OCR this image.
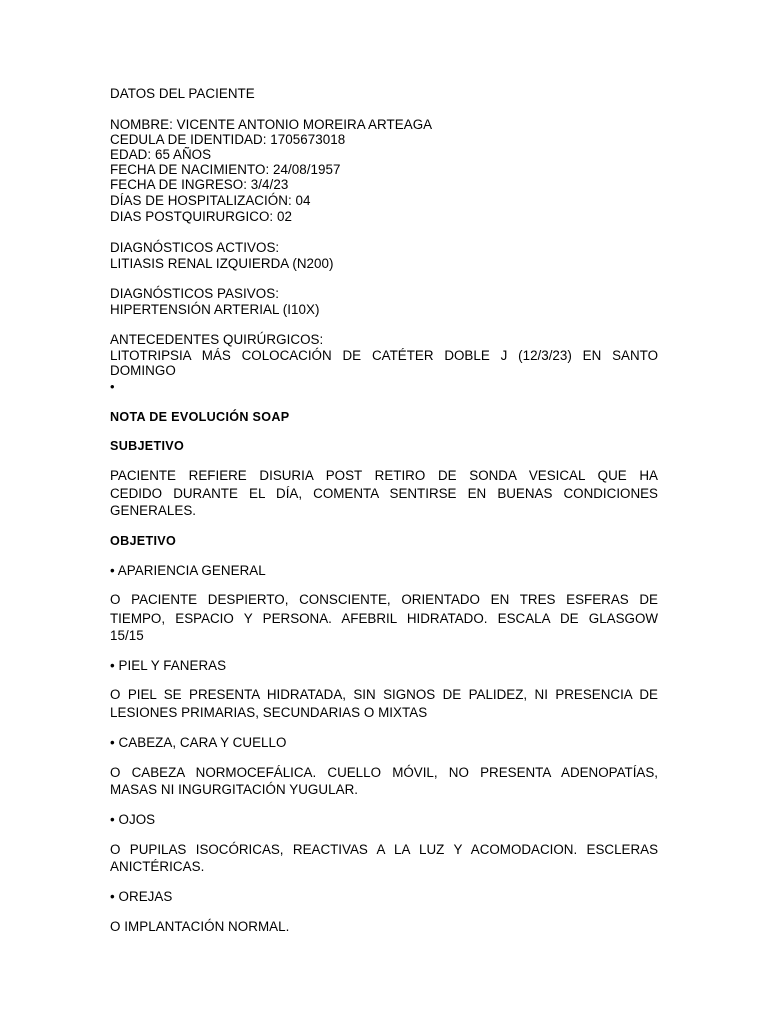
DATOS DEL PACIENTE
NOMBRE: VICENTE ANTONIO MOREIRA ARTEAGA
CEDULA DE IDENTIDAD: 1705673018
EDAD: 65 AÑOS
FECHA DE NACIMIENTO: 24/08/1957
FECHA DE INGRESO: 3/4/23
DÍAS DE HOSPITALIZACIÓN: 04
DIAS POSTQUIRURGICO: 02
DIAGNÓSTICOS ACTIVOS:
LITIASIS RENAL IZQUIERDA (N200)
DIAGNÓSTICOS PASIVOS:
HIPERTENSIÓN ARTERIAL (I10X)
ANTECEDENTES QUIRÚRGICOS:
LITOTRIPSIA MÁS COLOCACIÓN DE CATÉTER DOBLE J (12/3/23) EN SANTO
DOMINGO
•
NOTA DE EVOLUCIÓN SOAP
SUBJETIVO
PACIENTE REFIERE DISURIA POST RETIRO DE SONDA VESICAL QUE HA
CEDIDO DURANTE EL DÍA, COMENTA SENTIRSE EN BUENAS CONDICIONES
GENERALES.
OBJETIVO
• APARIENCIA GENERAL
O PACIENTE DESPIERTO, CONSCIENTE, ORIENTADO EN TRES ESFERAS DE
TIEMPO, ESPACIO Y PERSONA. AFEBRIL HIDRATADO. ESCALA DE GLASGOW
15/15
• PIEL Y FANERAS
O PIEL SE PRESENTA HIDRATADA, SIN SIGNOS DE PALIDEZ, NI PRESENCIA DE
LESIONES PRIMARIAS, SECUNDARIAS O MIXTAS
• CABEZA, CARA Y CUELLO
O CABEZA NORMOCEFÁLICA. CUELLO MÓVIL, NO PRESENTA ADENOPATÍAS,
MASAS NI INGURGITACIÓN YUGULAR.
• OJOS
O PUPILAS ISOCÓRICAS, REACTIVAS A LA LUZ Y ACOMODACION. ESCLERAS
ANICTÉRICAS.
• OREJAS
O IMPLANTACIÓN NORMAL.
